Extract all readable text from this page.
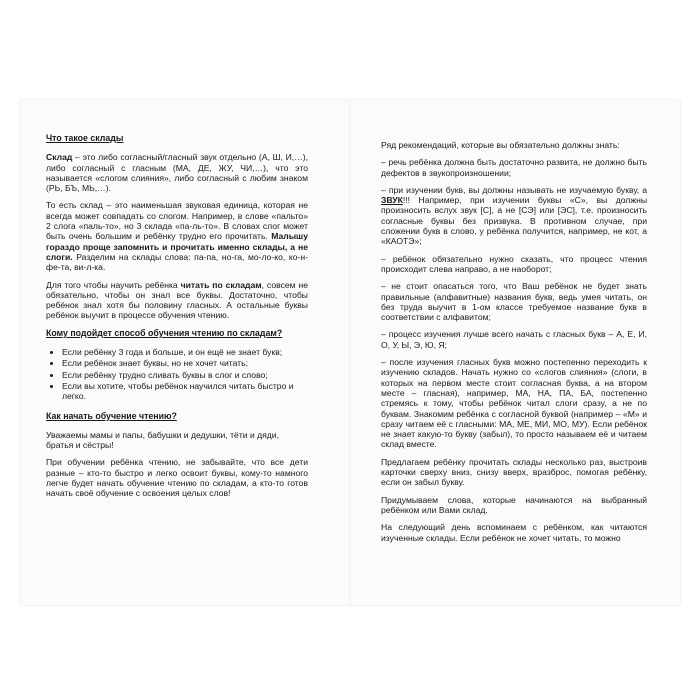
Что такое склады

Склад – это либо согласный/гласный звук отдельно (А, Ш, И,…), либо согласный с гласным (МА, ДЕ, ЖУ, ЧИ,…), что это называется «слогом слияния», либо согласный с любим знаком (РЬ, БЪ, МЬ,…).

То есть склад – это наименьшая звуковая единица, которая не всегда может совпадать со слогом. Например, в слове «пальто» 2 слога «паль-то», но 3 склада «па-ль-то». В словах слог может быть очень большим и ребёнку трудно его прочитать. Малышу гораздо проще запомнить и прочитать именно склады, а не слоги. Разделим на склады слова: па-па, но-га, мо-ло-ко, ко-н-фе-та, ви-л-ка.

Для того чтобы научить ребёнка читать по складам, совсем не обязательно, чтобы он знал все буквы. Достаточно, чтобы ребёнок знал хотя бы половину гласных. А остальные буквы ребёнок выучит в процессе обучения чтению.

Кому подойдет способ обучения чтению по складам?
• Если ребёнку 3 года и больше, и он ещё не знает букв;
• Если ребёнок знает буквы, но не хочет читать;
• Если ребёнку трудно сливать буквы в слог и слово;
• Если вы хотите, чтобы ребёнок научился читать быстро и легко.
Как начать обучение чтению?

Уважаемы мамы и папы, бабушки и дедушки, тёти и дяди, братья и сёстры!

При обучении ребёнка чтению, не забывайте, что все дети разные – кто-то быстро и легко освоит буквы, кому-то намного легче будет начать обучение чтению по складам, а кто-то готов начать своё обучение с освоения целых слов!

Ряд рекомендаций, которые вы обязательно должны знать:

– речь ребёнка должна быть достаточно развита, не должно быть дефектов в звукопроизношении;

– при изучении букв, вы должны называть не изучаемую букву, а ЗВУК!!! Например, при изучении буквы «С», вы должны произносить вслух звук [С], а не [СЭ] или [ЭС], т.е. произносить согласные буквы без призвука. В противном случае, при сложении букв в слово, у ребёнка получится, например, не кот, а «КАОТЭ»;

– ребёнок обязательно нужно сказать, что процесс чтения происходит слева направо, а не наоборот;

– не стоит опасаться того, что Ваш ребёнок не будет знать правильные (алфавитные) названия букв, ведь умея читать, он без труда выучит в 1-ом классе требуемое название букв в соответствии с алфавитом;

– процесс изучения лучше всего начать с гласных букв – А, Е, И, О, У, Ы, Э, Ю, Я;

– после изучения гласных букв можно постепенно переходить к изучению складов. Начать нужно со «слогов слияния» (слоги, в которых на первом месте стоит согласная буква, а на втором месте – гласная), например, МА, НА, ПА, БА, постепенно стремясь к тому, чтобы ребёнок читал слоги сразу, а не по буквам. Знакомим ребёнка с согласной буквой (например – «М» и сразу читаем её с гласными: МА, МЕ, МИ, МО, МУ). Если ребёнок не знает какую-то букву (забыл), то просто называем её и читаем склад вместе.

Предлагаем ребёнку прочитать склады несколько раз, выстроив карточки сверху вниз, снизу вверх, вразброс, помогая ребёнку, если он забыл букву.

Придумываем слова, которые начинаются на выбранный ребёнком или Вами склад.

На следующий день вспоминаем с ребёнком, как читаются изученные склады. Если ребёнок не хочет читать, то можно
